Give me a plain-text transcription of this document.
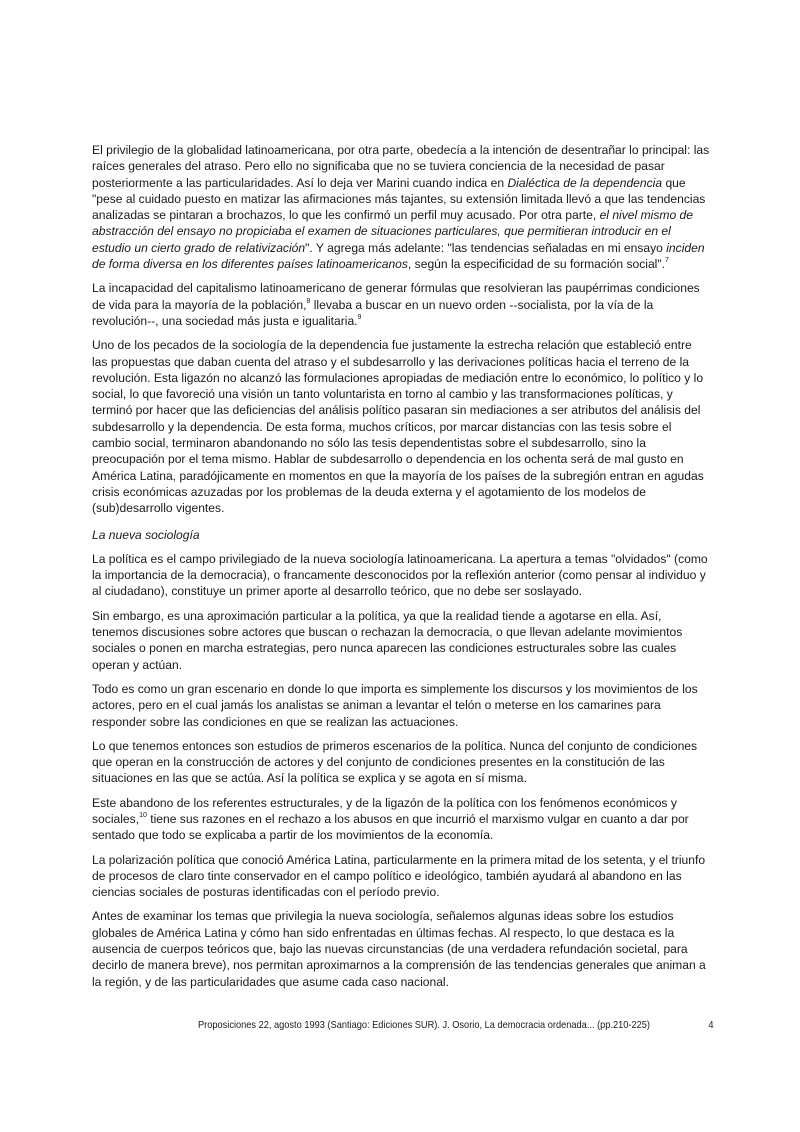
El privilegio de la globalidad latinoamericana, por otra parte, obedecía a la intención de desentrañar lo principal: las raíces generales del atraso. Pero ello no significaba que no se tuviera conciencia de la necesidad de pasar posteriormente a las particularidades. Así lo deja ver Marini cuando indica en Dialéctica de la dependencia que "pese al cuidado puesto en matizar las afirmaciones más tajantes, su extensión limitada llevó a que las tendencias analizadas se pintaran a brochazos, lo que les confirmó un perfil muy acusado. Por otra parte, el nivel mismo de abstracción del ensayo no propiciaba el examen de situaciones particulares, que permitieran introducir en el estudio un cierto grado de relativización". Y agrega más adelante: "las tendencias señaladas en mi ensayo inciden de forma diversa en los diferentes países latinoamericanos, según la especificidad de su formación social".$^7$

La incapacidad del capitalismo latinoamericano de generar fórmulas que resolvieran las paupérrimas condiciones de vida para la mayoría de la población,$^8$ llevaba a buscar en un nuevo orden --socialista, por la vía de la revolución--, una sociedad más justa e igualitaria.$^9$

Uno de los pecados de la sociología de la dependencia fue justamente la estrecha relación que estableció entre las propuestas que daban cuenta del atraso y el subdesarrollo y las derivaciones políticas hacia el terreno de la revolución. Esta ligazón no alcanzó las formulaciones apropiadas de mediación entre lo económico, lo político y lo social, lo que favoreció una visión un tanto voluntarista en torno al cambio y las transformaciones políticas, y terminó por hacer que las deficiencias del análisis político pasaran sin mediaciones a ser atributos del análisis del subdesarrollo y la dependencia. De esta forma, muchos críticos, por marcar distancias con las tesis sobre el cambio social, terminaron abandonando no sólo las tesis dependentistas sobre el subdesarrollo, sino la preocupación por el tema mismo. Hablar de subdesarrollo o dependencia en los ochenta será de mal gusto en América Latina, paradójicamente en momentos en que la mayoría de los países de la subregión entran en agudas crisis económicas azuzadas por los problemas de la deuda externa y el agotamiento de los modelos de (sub)desarrollo vigentes.

La nueva sociología

La política es el campo privilegiado de la nueva sociología latinoamericana. La apertura a temas "olvidados" (como la importancia de la democracia), o francamente desconocidos por la reflexión anterior (como pensar al individuo y al ciudadano), constituye un primer aporte al desarrollo teórico, que no debe ser soslayado.

Sin embargo, es una aproximación particular a la política, ya que la realidad tiende a agotarse en ella. Así, tenemos discusiones sobre actores que buscan o rechazan la democracia, o que llevan adelante movimientos sociales o ponen en marcha estrategias, pero nunca aparecen las condiciones estructurales sobre las cuales operan y actúan.

Todo es como un gran escenario en donde lo que importa es simplemente los discursos y los movimientos de los actores, pero en el cual jamás los analistas se animan a levantar el telón o meterse en los camarines para responder sobre las condiciones en que se realizan las actuaciones.

Lo que tenemos entonces son estudios de primeros escenarios de la política. Nunca del conjunto de condiciones que operan en la construcción de actores y del conjunto de condiciones presentes en la constitución de las situaciones en las que se actúa. Así la política se explica y se agota en sí misma.

Este abandono de los referentes estructurales, y de la ligazón de la política con los fenómenos económicos y sociales,$^{10}$ tiene sus razones en el rechazo a los abusos en que incurrió el marxismo vulgar en cuanto a dar por sentado que todo se explicaba a partir de los movimientos de la economía.

La polarización política que conoció América Latina, particularmente en la primera mitad de los setenta, y el triunfo de procesos de claro tinte conservador en el campo político e ideológico, también ayudará al abandono en las ciencias sociales de posturas identificadas con el período previo.

Antes de examinar los temas que privilegia la nueva sociología, señalemos algunas ideas sobre los estudios globales de América Latina y cómo han sido enfrentadas en últimas fechas. Al respecto, lo que destaca es la ausencia de cuerpos teóricos que, bajo las nuevas circunstancias (de una verdadera refundación societal, para decirlo de manera breve), nos permitan aproximarnos a la comprensión de las tendencias generales que animan a la región, y de las particularidades que asume cada caso nacional.

Proposiciones 22, agosto 1993 (Santiago: Ediciones SUR). J. Osorio, La democracia ordenada... (pp.210-225)	4
